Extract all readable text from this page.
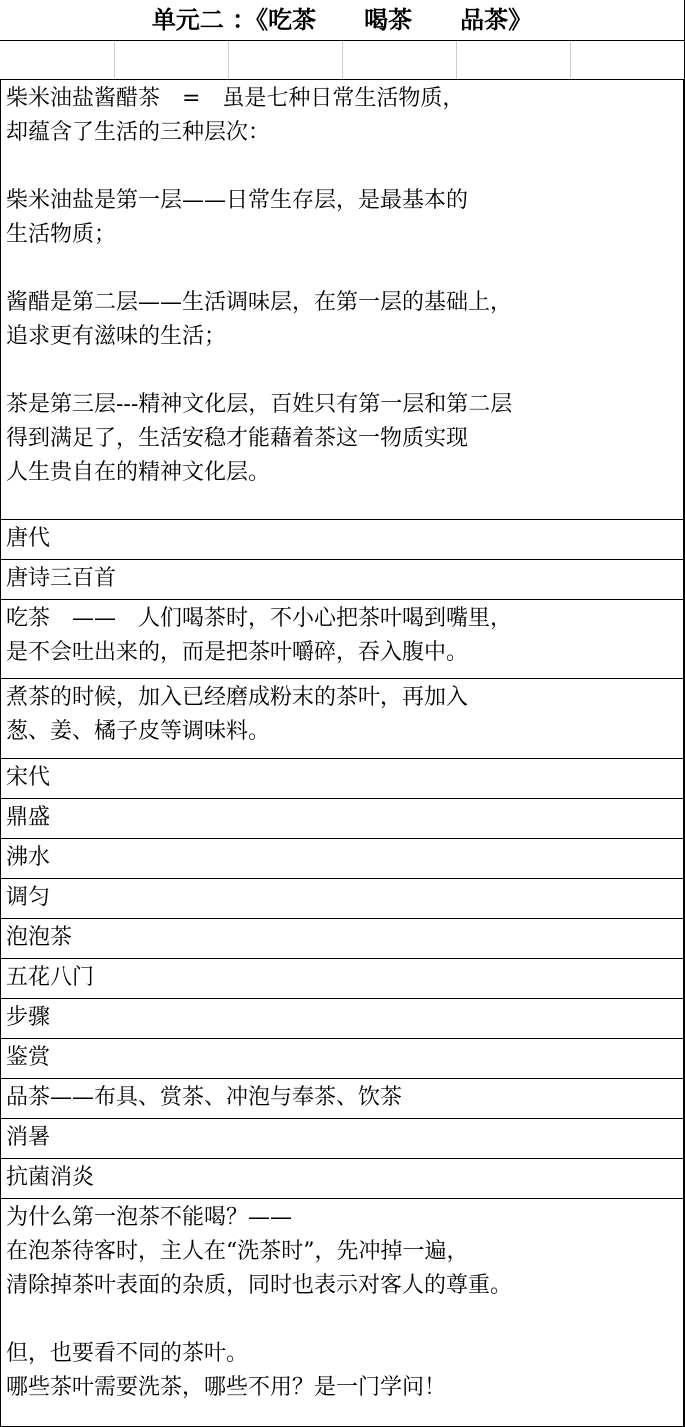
单元二 ：《吃茶　　喝茶　　品茶》
柴米油盐酱醋茶　=　虽是七种日常生活物质，
却蕴含了生活的三种层次：

柴米油盐是第一层——日常生存层，是最基本的
生活物质；

酱醋是第二层——生活调味层，在第一层的基础上，
追求更有滋味的生活；

茶是第三层---精神文化层，百姓只有第一层和第二层
得到满足了，生活安稳才能藉着茶这一物质实现
人生贵自在的精神文化层。
唐代
唐诗三百首
吃茶　——　人们喝茶时，不小心把茶叶喝到嘴里，
是不会吐出来的，而是把茶叶嚼碎，吞入腹中。
煮茶的时候，加入已经磨成粉末的茶叶，再加入
葱、姜、橘子皮等调味料。
宋代
鼎盛
沸水
调匀
泡泡茶
五花八门
步骤
鉴赏
品茶——布具、赏茶、冲泡与奉茶、饮茶
消暑
抗菌消炎
为什么第一泡茶不能喝？——
在泡茶待客时，主人在“洗茶时”，先冲掉一遍，
清除掉茶叶表面的杂质，同时也表示对客人的尊重。

但，也要看不同的茶叶。
哪些茶叶需要洗茶，哪些不用？是一门学问！
